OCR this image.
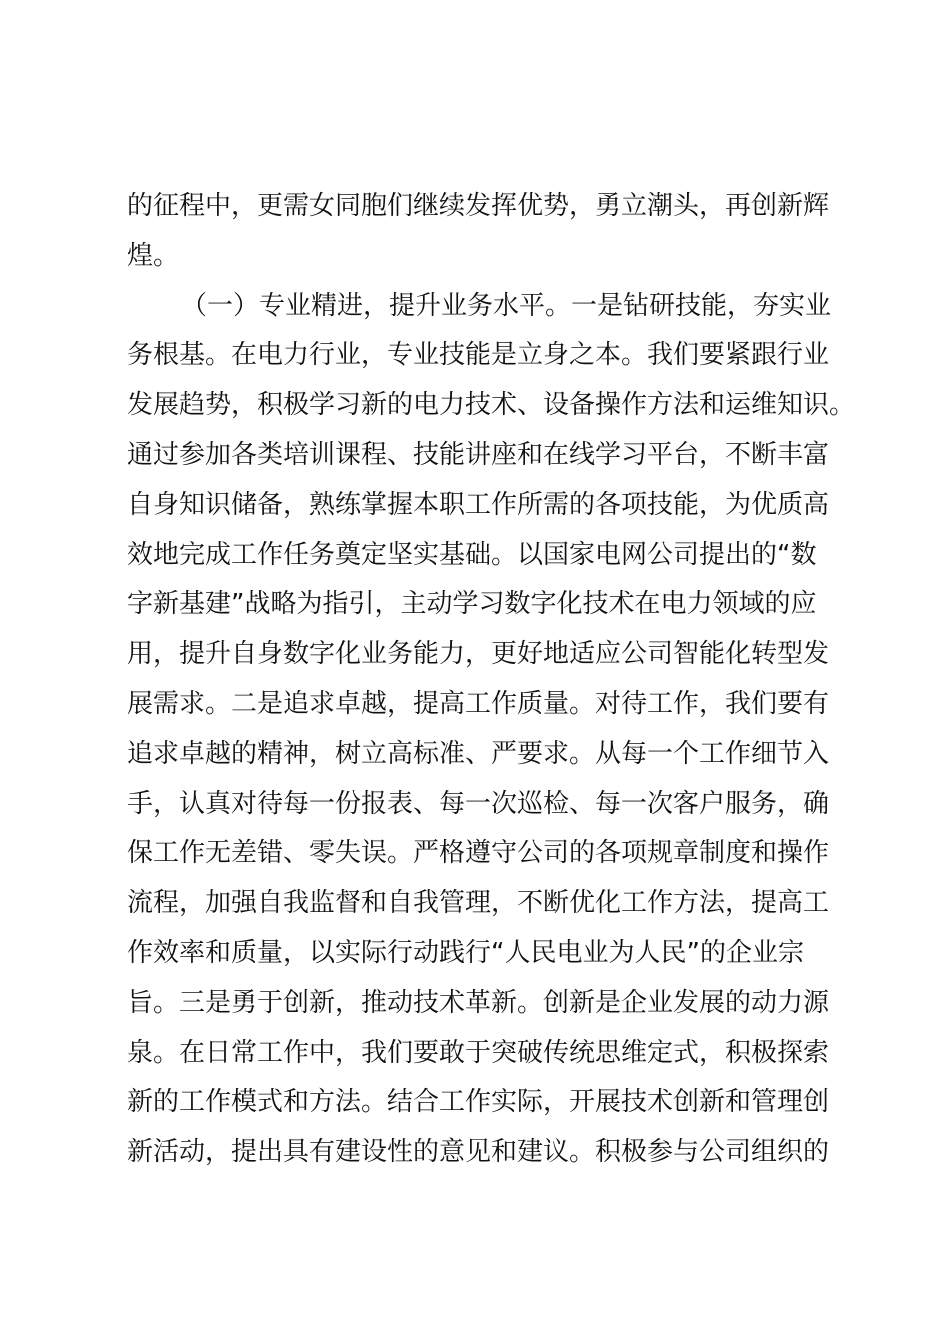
的征程中，更需女同胞们继续发挥优势，勇立潮头，再创新辉
煌。
（一）专业精进，提升业务水平。一是钻研技能，夯实业
务根基。在电力行业，专业技能是立身之本。我们要紧跟行业
发展趋势，积极学习新的电力技术、设备操作方法和运维知识。
通过参加各类培训课程、技能讲座和在线学习平台，不断丰富
自身知识储备，熟练掌握本职工作所需的各项技能，为优质高
效地完成工作任务奠定坚实基础。以国家电网公司提出的“数
字新基建”战略为指引，主动学习数字化技术在电力领域的应
用，提升自身数字化业务能力，更好地适应公司智能化转型发
展需求。二是追求卓越，提高工作质量。对待工作，我们要有
追求卓越的精神，树立高标准、严要求。从每一个工作细节入
手，认真对待每一份报表、每一次巡检、每一次客户服务，确
保工作无差错、零失误。严格遵守公司的各项规章制度和操作
流程，加强自我监督和自我管理，不断优化工作方法，提高工
作效率和质量，以实际行动践行“人民电业为人民”的企业宗
旨。三是勇于创新，推动技术革新。创新是企业发展的动力源
泉。在日常工作中，我们要敢于突破传统思维定式，积极探索
新的工作模式和方法。结合工作实际，开展技术创新和管理创
新活动，提出具有建设性的意见和建议。积极参与公司组织的
